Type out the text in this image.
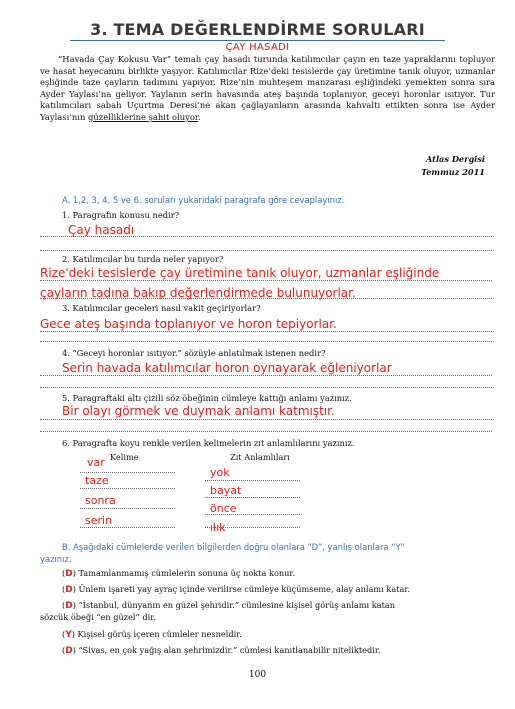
3. TEMA DEĞERLENDİRME SORULARI
ÇAY HASADI

“Havada Çay Kokusu Var” temalı çay hasadı turunda katılımcılar çayın en taze yapraklarını topluyor ve hasat heyecanını birlikte yaşıyor. Katılımcılar Rize’deki tesislerde çay üretimine tanık oluyor, uzmanlar eşliğinde taze çayların tadımını yapıyor. Rize’nin muhteşem manzarası eşliğindeki yemekten sonra sıra Ayder Yaylası’na geliyor. Yaylanın serin havasında ateş başında toplanıyor, geceyi horonlar ısıtıyor. Tur katılımcıları sabah Uçurtma Deresi’ne akan çağlayanların arasında kahvaltı ettikten sonra ise Ayder Yaylası’nın güzelliklerine şahit oluyor.

Atlas Dergisi
Temmuz 2011
A. 1,2, 3, 4, 5 ve 6. soruları yukarıdaki paragrafa göre cevaplayınız.
1. Paragrafın konusu nedir?
Çay hasadı
2. Katılımcılar bu turda neler yapıyor?
Rize'deki tesislerde çay üretimine tanık oluyor, uzmanlar eşliğinde
çayların tadına bakıp değerlendirmede bulunuyorlar.
3. Katılımcılar geceleri nasıl vakit geçiriyorlar?
Gece ateş başında toplanıyor ve horon tepiyorlar.
4. “Geceyi horonlar ısıtıyor.” sözüyle anlatılmak istenen nedir?
Serin havada katılımcılar horon oynayarak eğleniyorlar
5. Paragraftaki altı çizili söz öbeğinin cümleye kattığı anlamı yazınız.
Bir olayı görmek ve duymak anlamı katmıştır.
6. Paragrafta koyu renkle verilen kelimelerin zıt anlamlılarını yazınız.
Kelime	Zıt Anlamlıları
var
yok
taze
bayat
sonra
önce
serin
ılık
B. Aşağıdaki cümlelerde verilen bilgilerden doğru olanlara “D”, yanlış olanlara “Y”
yazınız.
(D) Tamamlanmamış cümlelerin sonuna üç nokta konur.
(D) Ünlem işareti yay ayraç içinde verilirse cümleye küçümseme, alay anlamı katar.
(D) “İstanbul, dünyanın en güzel şehridir.” cümlesine kişisel görüş anlamı katan
sözcük öbeği “en güzel” dir.
(Y) Kişisel görüş içeren cümleler nesneldir.
(D) “Sivas, en çok yağış alan şehrimizdir.” cümlesi kanıtlanabilir niteliktedir.
100
